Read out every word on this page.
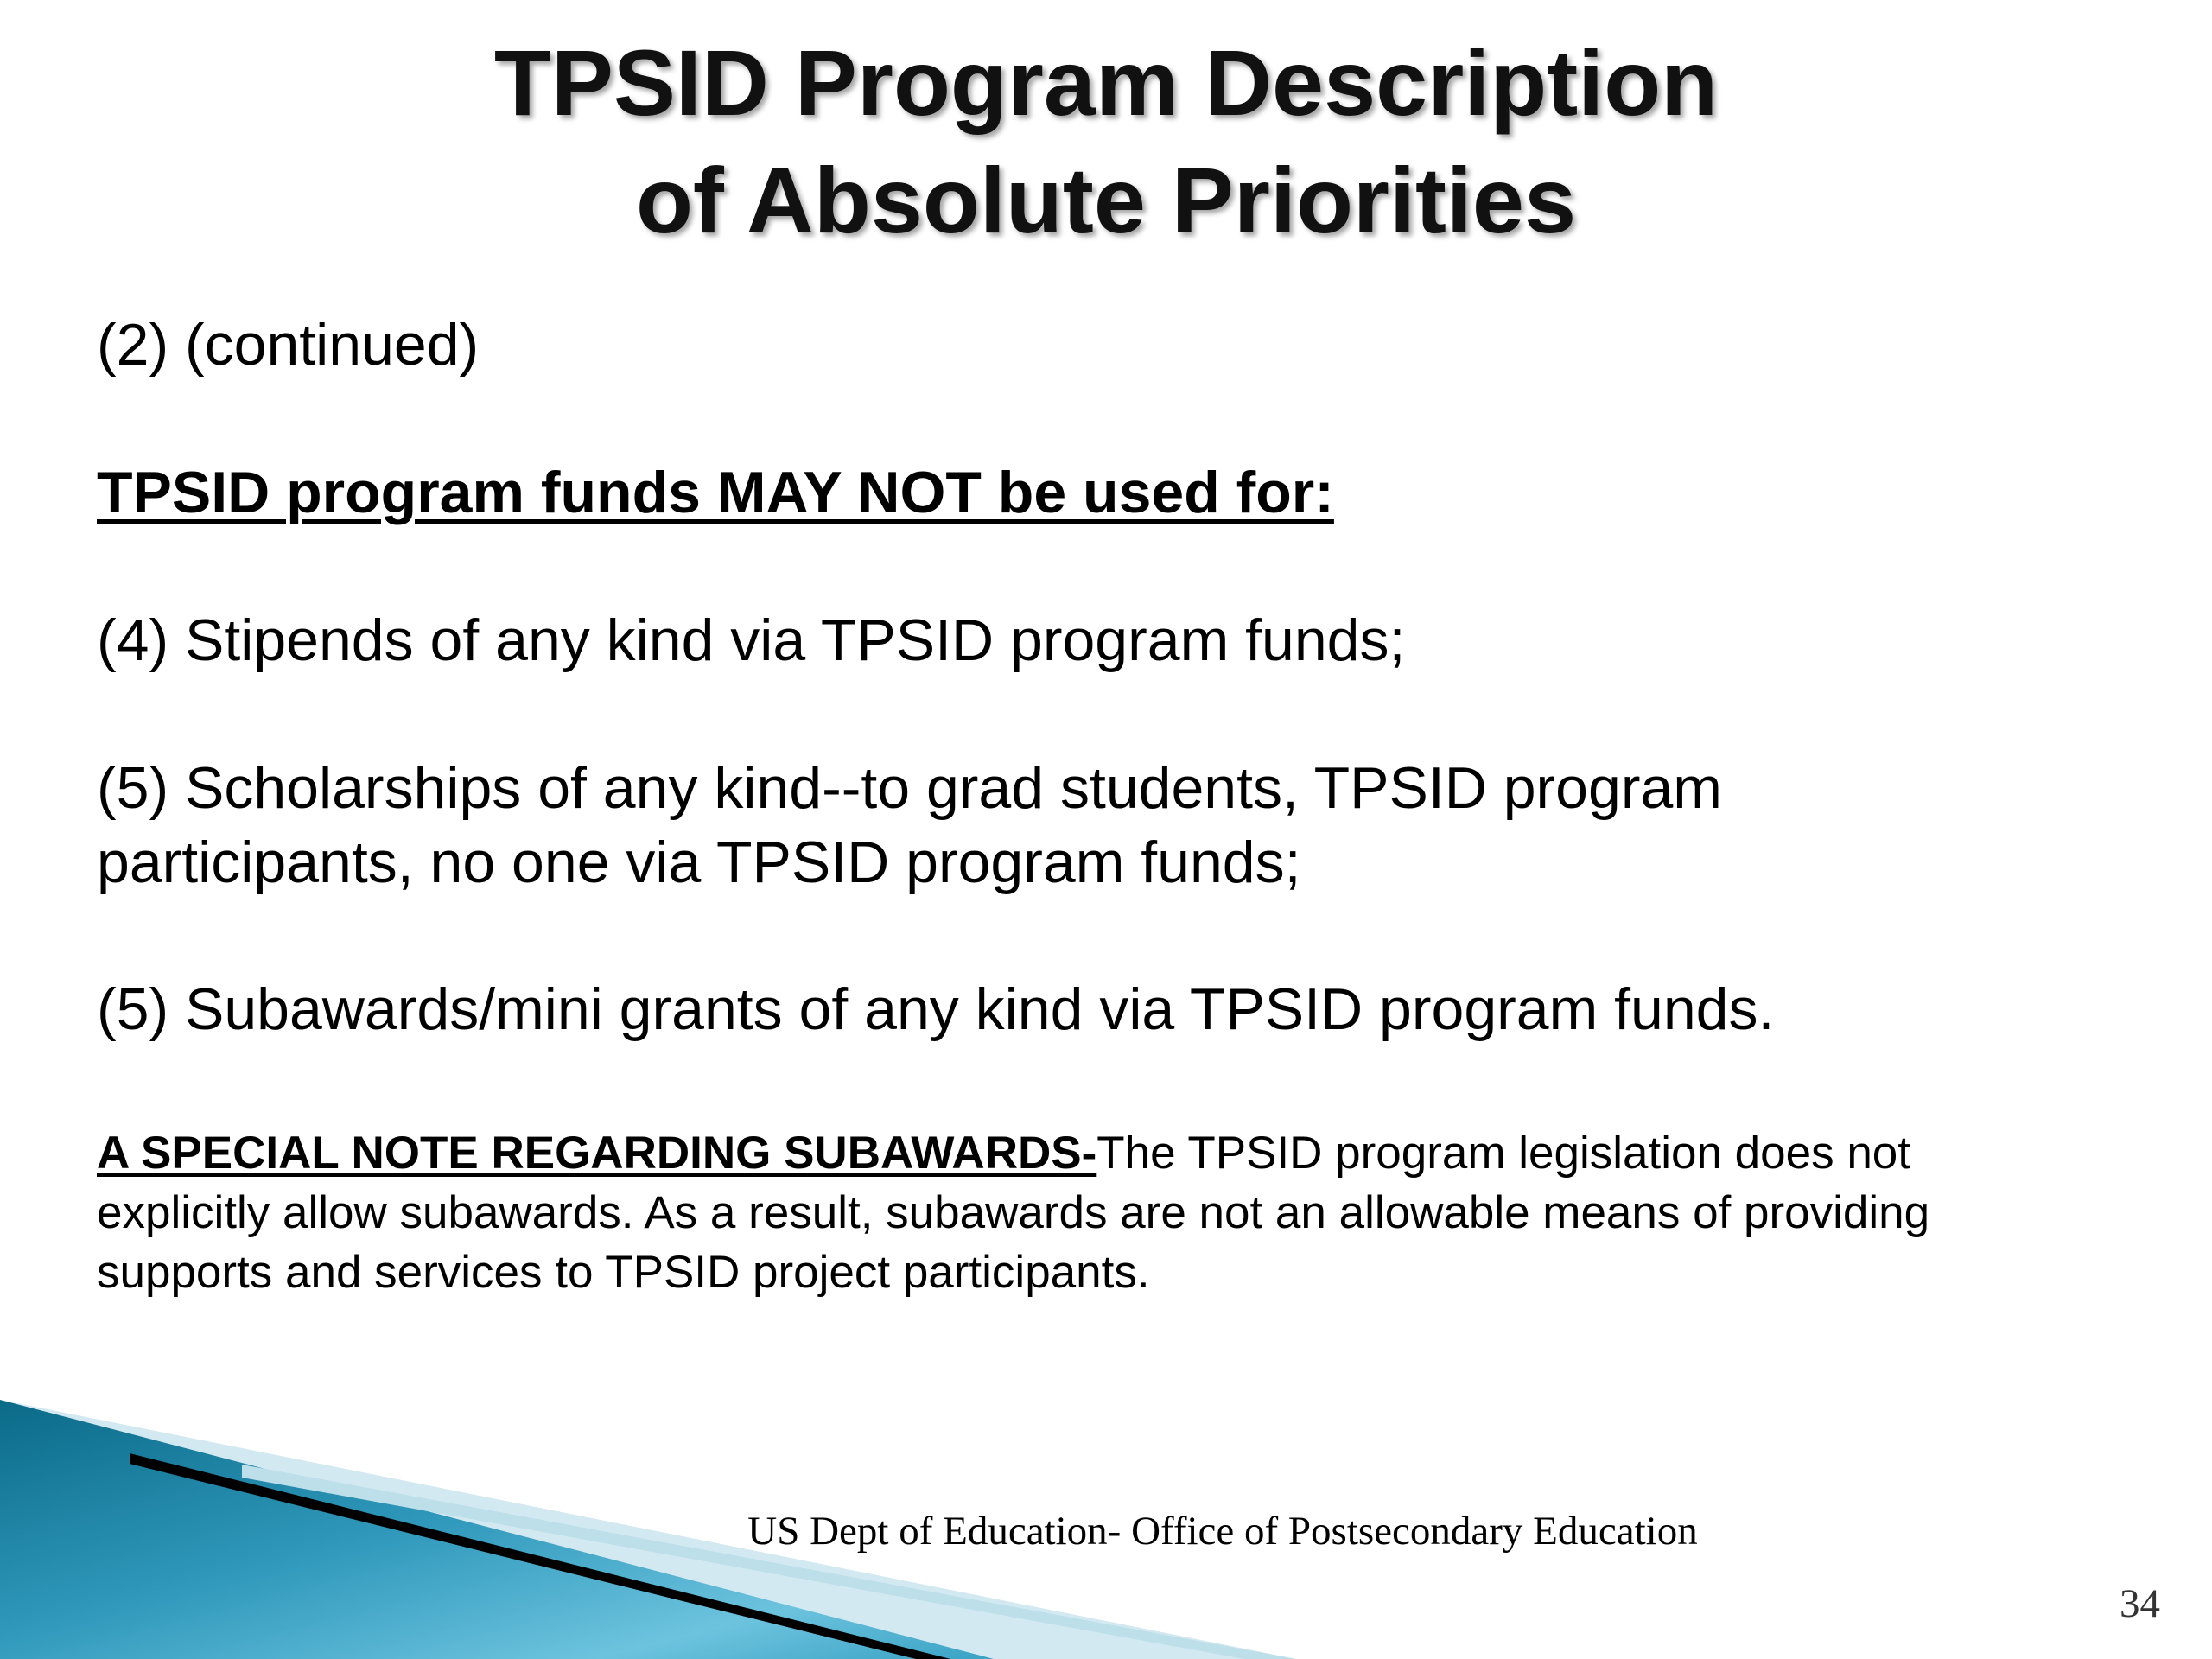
TPSID Program Description
of Absolute Priorities

(2) (continued)

TPSID program funds MAY NOT be used for:

(4) Stipends of any kind via TPSID program funds;

(5) Scholarships of any kind--to grad students, TPSID program

participants, no one via TPSID program funds;

(5) Subawards/mini grants of any kind via TPSID program funds.

A SPECIAL NOTE REGARDING SUBAWARDS-The TPSID program legislation does not explicitly allow subawards. As a result, subawards are not an allowable means of providing supports and services to TPSID project participants.

US Dept of Education- Office of Postsecondary Education
34
